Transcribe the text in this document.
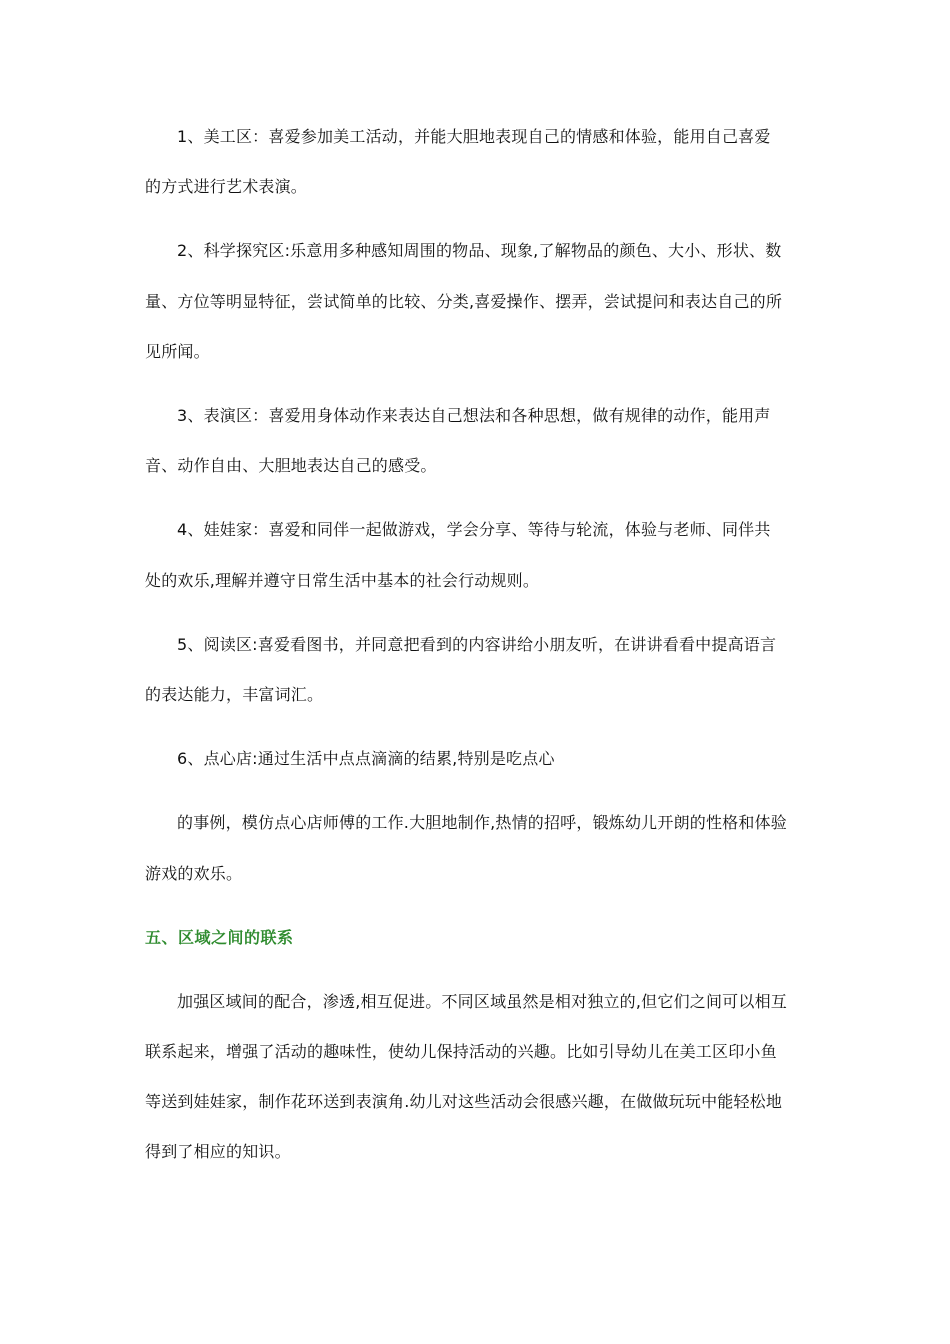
1、美工区：喜爱参加美工活动，并能大胆地表现自己的情感和体验，能用自己喜爱
的方式进行艺术表演。
2、科学探究区:乐意用多种感知周围的物品、现象,了解物品的颜色、大小、形状、数
量、方位等明显特征，尝试简单的比较、分类,喜爱操作、摆弄，尝试提问和表达自己的所
见所闻。
3、表演区：喜爱用身体动作来表达自己想法和各种思想，做有规律的动作，能用声
音、动作自由、大胆地表达自己的感受。
4、娃娃家：喜爱和同伴一起做游戏，学会分享、等待与轮流，体验与老师、同伴共
处的欢乐,理解并遵守日常生活中基本的社会行动规则。
5、阅读区:喜爱看图书，并同意把看到的内容讲给小朋友听，在讲讲看看中提高语言
的表达能力，丰富词汇。
6、点心店:通过生活中点点滴滴的结累,特别是吃点心
的事例，模仿点心店师傅的工作.大胆地制作,热情的招呼，锻炼幼儿开朗的性格和体验
游戏的欢乐。
五、区域之间的联系
加强区域间的配合，渗透,相互促进。不同区域虽然是相对独立的,但它们之间可以相互
联系起来，增强了活动的趣味性，使幼儿保持活动的兴趣。比如引导幼儿在美工区印小鱼
等送到娃娃家，制作花环送到表演角.幼儿对这些活动会很感兴趣，在做做玩玩中能轻松地
得到了相应的知识。
